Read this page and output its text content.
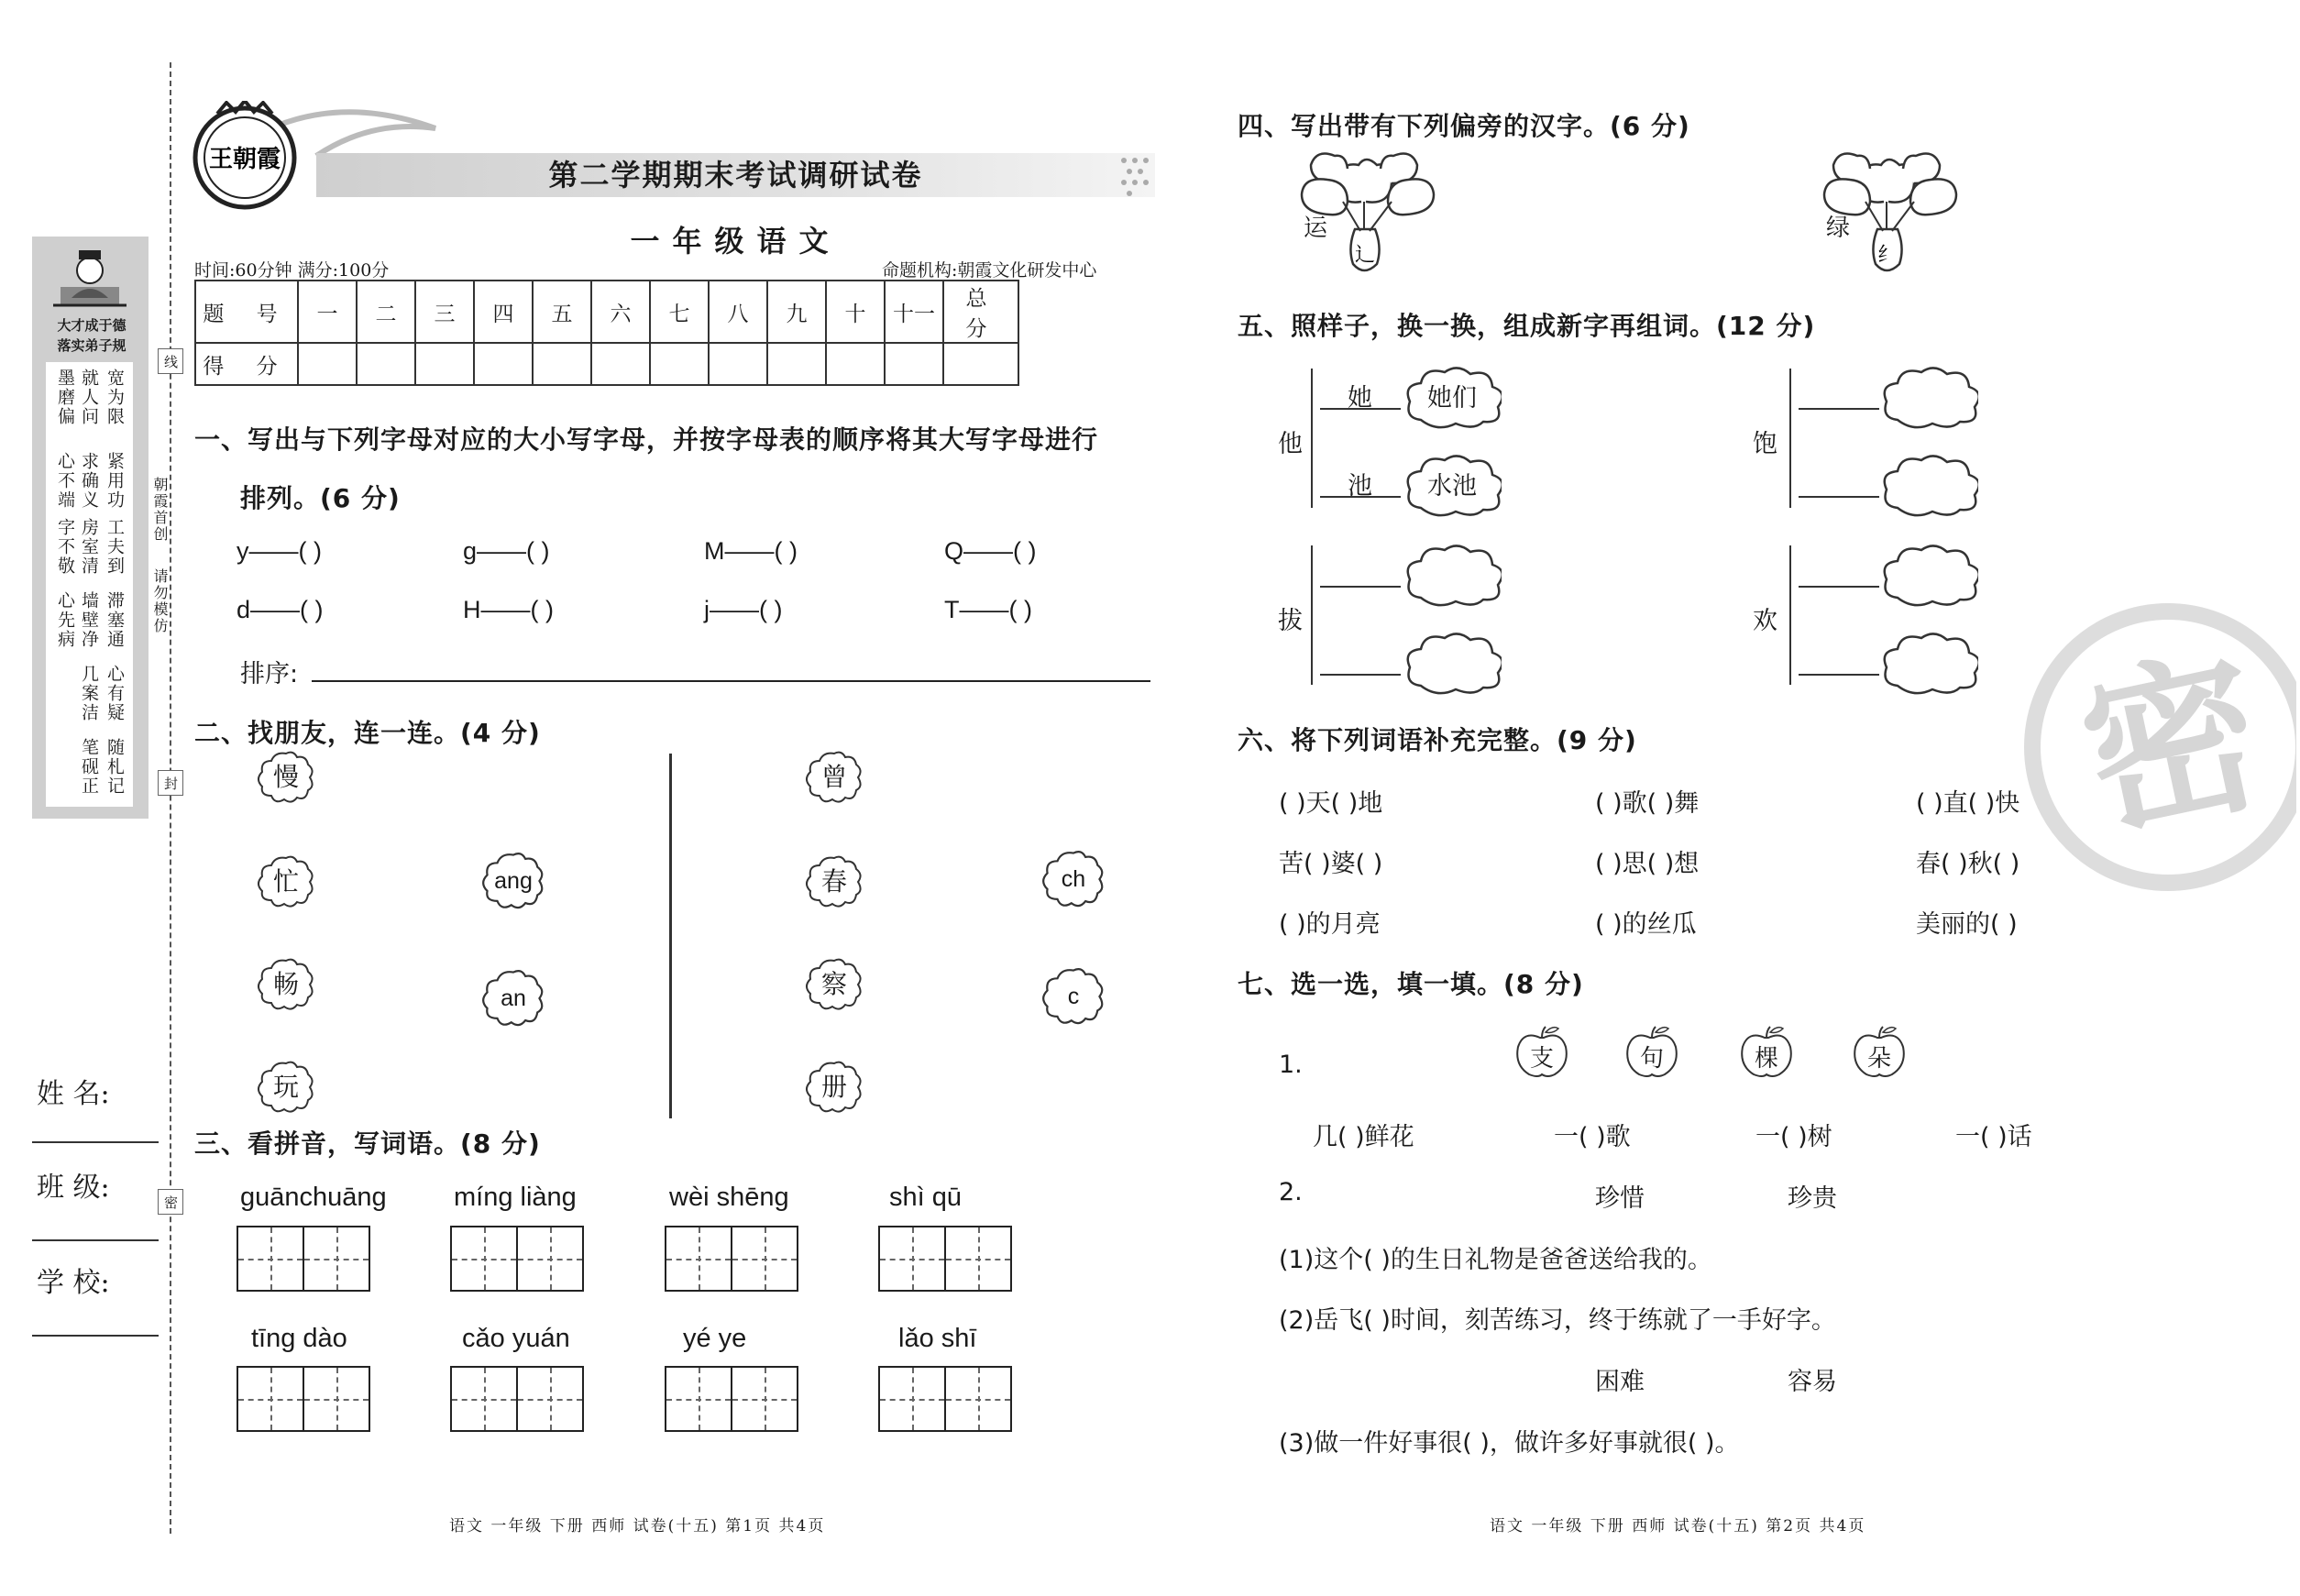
大才成于德
落实弟子规
墨磨偏 就人问 宽为限
心不端 求确义 紧用功
字不敬 房室清 工夫到
心先病 墙壁净 滞塞通
几案洁 心有疑
笔砚正 随札记
朝霞首创
请勿模仿
线
封
密
姓 名:
班 级:
学 校:
王朝霞	第二学期期末考试调研试卷
一年级语文
时间:60分钟 满分:100分	命题机构:朝霞文化研发中心
题 号	一	二	三	四	五	六	七	八	九	十	十一	总 分
得 分												
一、写出与下列字母对应的大小写字母，并按字母表的顺序将其大写字母进行
排列。(6 分)
y——( )	g——( )	M——( )	Q——( )
d——( )	H——( )	j——( )	T——( )
排序:
二、找朋友，连一连。(4 分)
慢
忙
畅
玩
ang
an
曾
春
察
册
ch
c
三、看拼音，写词语。(8 分)
guānchuāng	míng liàng	wèi shēng	shì qū
tīng dào	cǎo yuán	yé ye	lǎo shī
语文 一年级 下册 西师 试卷(十五) 第1页 共4页
四、写出带有下列偏旁的汉字。(6 分)
辶
运
纟
绿
五、照样子，换一换，组成新字再组词。(12 分)
他
她	她们
池	水池
拔
饱
欢
密
六、将下列词语补充完整。(9 分)
( )天( )地	( )歌( )舞	( )直( )快
苦( )婆( )	( )思( )想	春( )秋( )
( )的月亮	( )的丝瓜	美丽的( )
七、选一选，填一填。(8 分)
1.	支	句	棵	朵
几( )鲜花	一( )歌	一( )树	一( )话
2.	珍惜	珍贵
(1)这个( )的生日礼物是爸爸送给我的。
(2)岳飞( )时间，刻苦练习，终于练就了一手好字。
困难	容易
(3)做一件好事很( )，做许多好事就很( )。
语文 一年级 下册 西师 试卷(十五) 第2页 共4页
